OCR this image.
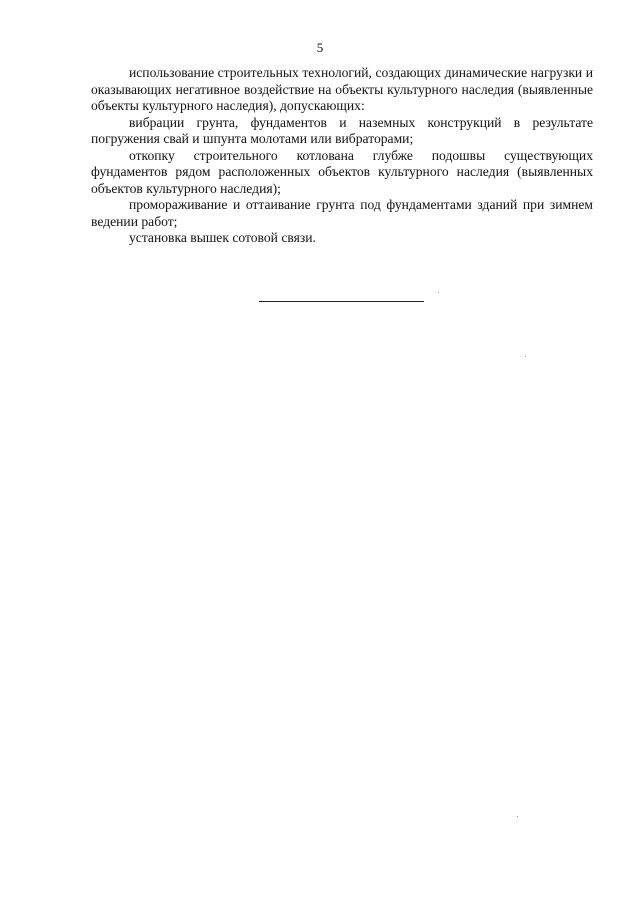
5

использование строительных технологий, создающих динамические нагрузки и оказывающих негативное воздействие на объекты культурного наследия (выявленные объекты культурного наследия), допускающих:

вибрации грунта, фундаментов и наземных конструкций в результате погружения свай и шпунта молотами или вибраторами;

откопку строительного котлована глубже подошвы существующих фундаментов рядом расположенных объектов культурного наследия (выявленных объектов культурного наследия);

промораживание и оттаивание грунта под фундаментами зданий при зимнем ведении работ;

установка вышек сотовой связи.
